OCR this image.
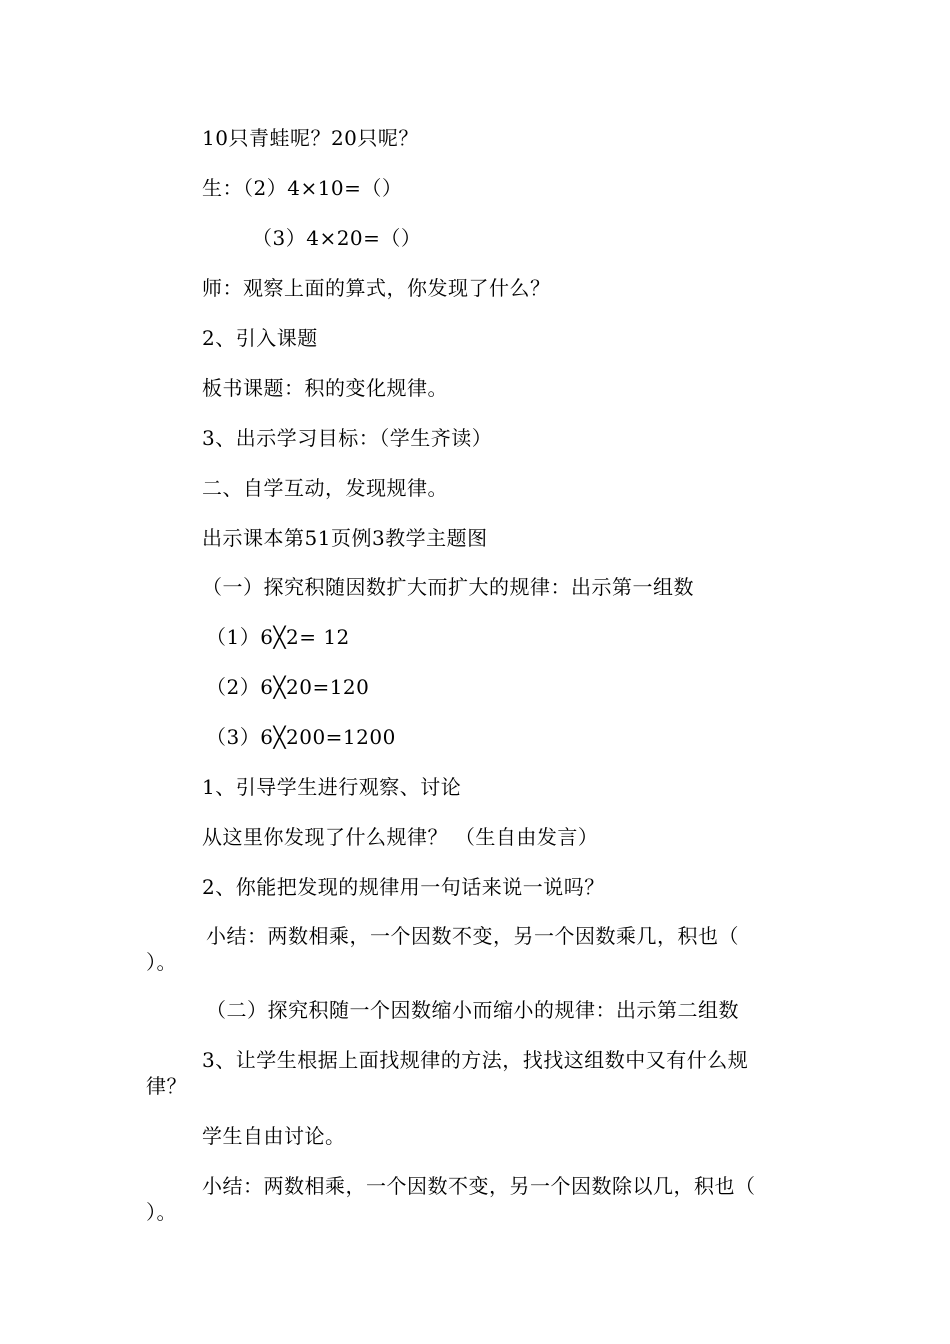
10只青蛙呢？20只呢？
生：（2）4×10=（）
（3）4×20=（）
师：观察上面的算式，你发现了什么？
2、引入课题
板书课题：积的变化规律。
3、出示学习目标：（学生齐读）
二、自学互动，发现规律。
出示课本第51页例3教学主题图
（一）探究积随因数扩大而扩大的规律：出示第一组数
（1）6╳2= 12
（2）6╳20=120
（3）6╳200=1200
1、引导学生进行观察、讨论
从这里你发现了什么规律？ （生自由发言）
2、你能把发现的规律用一句话来说一说吗？
小结：两数相乘，一个因数不变，另一个因数乘几，积也（
）。
（二）探究积随一个因数缩小而缩小的规律：出示第二组数
3、让学生根据上面找规律的方法，找找这组数中又有什么规
律？
学生自由讨论。
小结：两数相乘，一个因数不变，另一个因数除以几，积也（
）。
